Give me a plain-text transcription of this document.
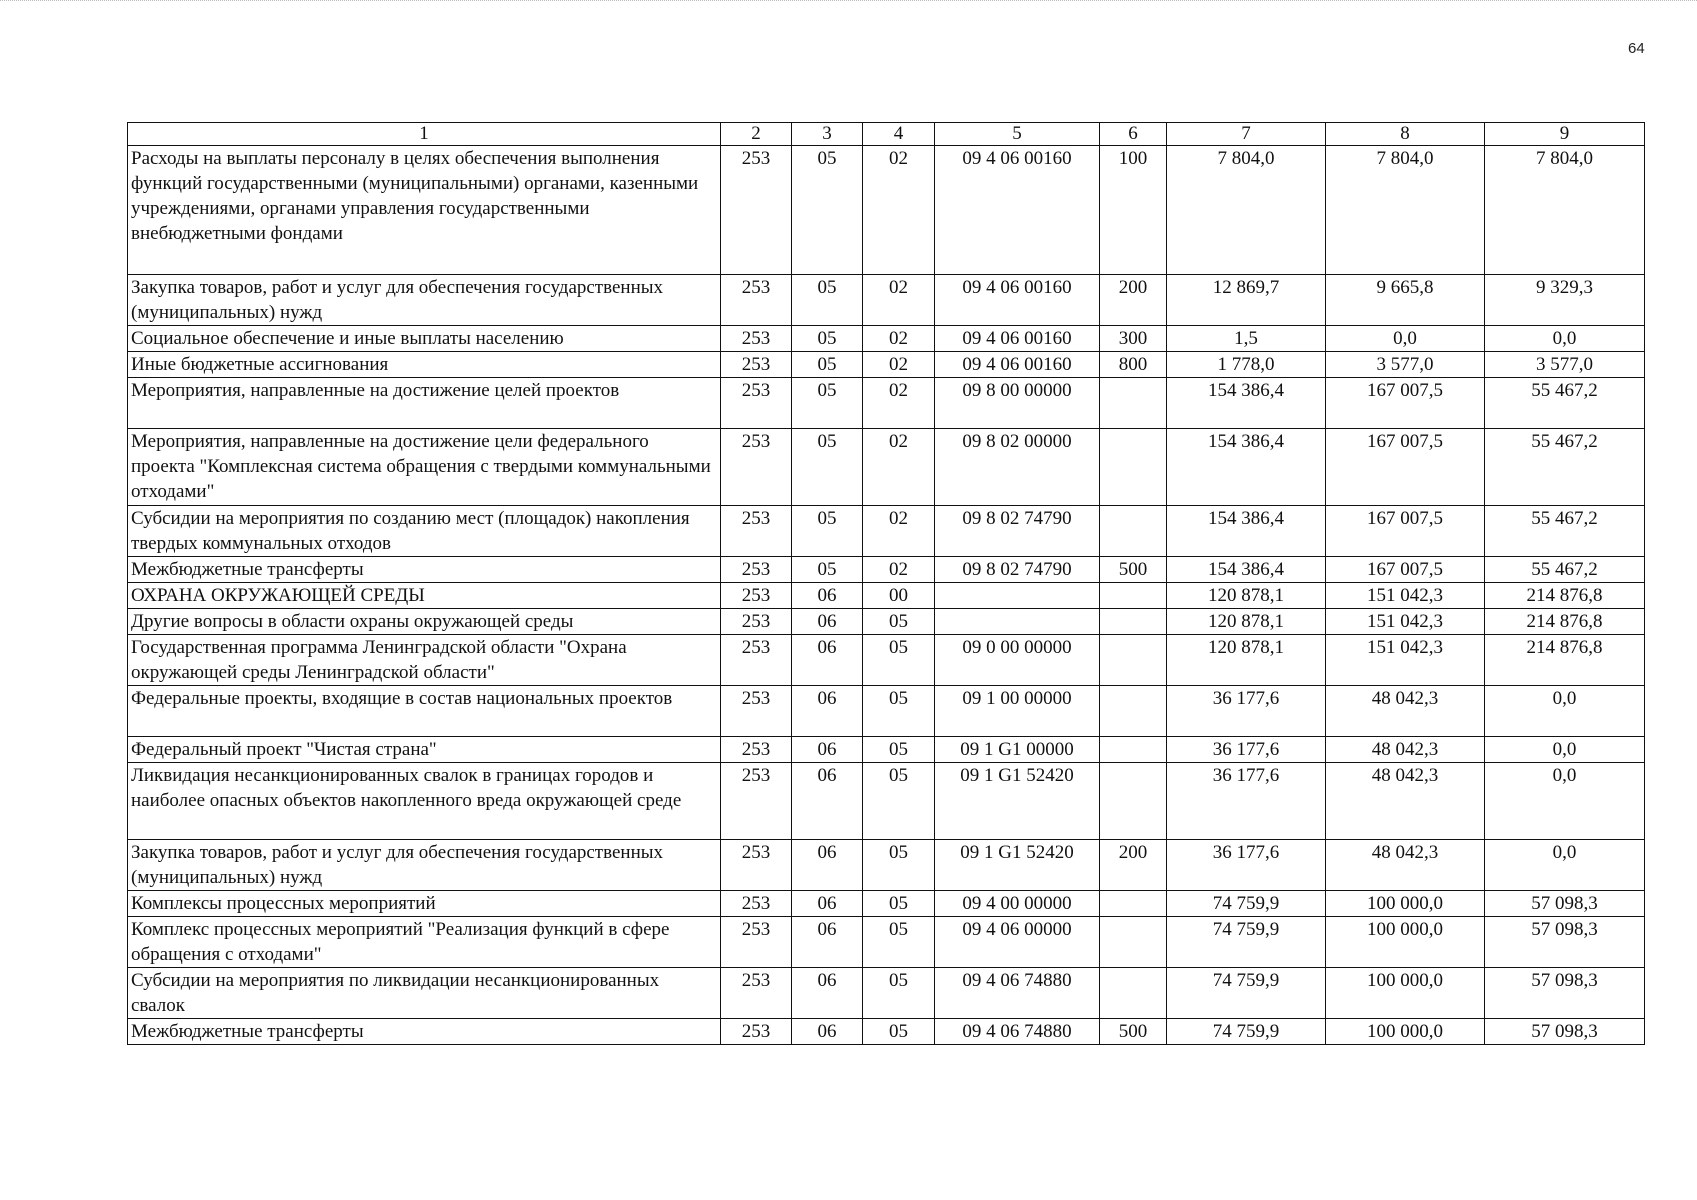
64
1	2	3	4	5	6	7	8	9
Расходы на выплаты персоналу в целях обеспечения выполнения функций государственными (муниципальными) органами, казенными учреждениями, органами управления государственными внебюджетными фондами	253	05	02	09 4 06 00160	100	7 804,0	7 804,0	7 804,0
Закупка товаров, работ и услуг для обеспечения государственных (муниципальных) нужд	253	05	02	09 4 06 00160	200	12 869,7	9 665,8	9 329,3
Социальное обеспечение и иные выплаты населению	253	05	02	09 4 06 00160	300	1,5	0,0	0,0
Иные бюджетные ассигнования	253	05	02	09 4 06 00160	800	1 778,0	3 577,0	3 577,0
Мероприятия, направленные на достижение целей проектов	253	05	02	09 8 00 00000		154 386,4	167 007,5	55 467,2
Мероприятия, направленные на достижение цели федерального проекта "Комплексная система обращения с твердыми коммунальными отходами"	253	05	02	09 8 02 00000		154 386,4	167 007,5	55 467,2
Субсидии на мероприятия по созданию мест (площадок) накопления твердых коммунальных отходов	253	05	02	09 8 02 74790		154 386,4	167 007,5	55 467,2
Межбюджетные трансферты	253	05	02	09 8 02 74790	500	154 386,4	167 007,5	55 467,2
ОХРАНА ОКРУЖАЮЩЕЙ СРЕДЫ	253	06	00			120 878,1	151 042,3	214 876,8
Другие вопросы в области охраны окружающей среды	253	06	05			120 878,1	151 042,3	214 876,8
Государственная программа Ленинградской области "Охрана окружающей среды Ленинградской области"	253	06	05	09 0 00 00000		120 878,1	151 042,3	214 876,8
Федеральные проекты, входящие в состав национальных проектов	253	06	05	09 1 00 00000		36 177,6	48 042,3	0,0
Федеральный проект "Чистая страна"	253	06	05	09 1 G1 00000		36 177,6	48 042,3	0,0
Ликвидация несанкционированных свалок в границах городов и наиболее опасных объектов накопленного вреда окружающей среде	253	06	05	09 1 G1 52420		36 177,6	48 042,3	0,0
Закупка товаров, работ и услуг для обеспечения государственных (муниципальных) нужд	253	06	05	09 1 G1 52420	200	36 177,6	48 042,3	0,0
Комплексы процессных мероприятий	253	06	05	09 4 00 00000		74 759,9	100 000,0	57 098,3
Комплекс процессных мероприятий "Реализация функций в сфере обращения с отходами"	253	06	05	09 4 06 00000		74 759,9	100 000,0	57 098,3
Субсидии на мероприятия по ликвидации несанкционированных свалок	253	06	05	09 4 06 74880		74 759,9	100 000,0	57 098,3
Межбюджетные трансферты	253	06	05	09 4 06 74880	500	74 759,9	100 000,0	57 098,3
